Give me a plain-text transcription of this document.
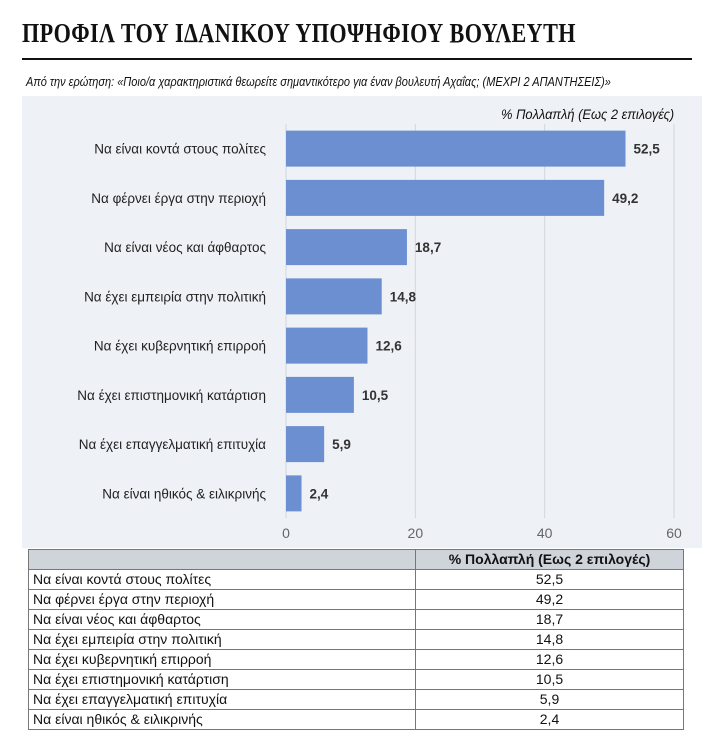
ΠΡΟΦΙΛ ΤΟΥ ΙΔΑΝΙΚΟΥ ΥΠΟΨΗΦΙΟΥ ΒΟΥΛΕΥΤΗ
Από την ερώτηση: «Ποιο/α χαρακτηριστικά θεωρείτε σημαντικότερο για έναν βουλευτή Αχαΐας; (ΜΕΧΡΙ 2 ΑΠΑΝΤΗΣΕΙΣ)»
0	20	40	60
Να είναι κοντά στους πολίτες	52,5
Να φέρνει έργα στην περιοχή	49,2
Να είναι νέος και άφθαρτος	18,7
Να έχει εμπειρία στην πολιτική	14,8
Να έχει κυβερνητική επιρροή	12,6
Να έχει επιστημονική κατάρτιση	10,5
Να έχει επαγγελματική επιτυχία	5,9
Να είναι ηθικός & ειλικρινής	2,4
% Πολλαπλή (Εως 2 επιλογές)
	% Πολλαπλή (Εως 2 επιλογές)
Να είναι κοντά στους πολίτες	52,5
Να φέρνει έργα στην περιοχή	49,2
Να είναι νέος και άφθαρτος	18,7
Να έχει εμπειρία στην πολιτική	14,8
Να έχει κυβερνητική επιρροή	12,6
Να έχει επιστημονική κατάρτιση	10,5
Να έχει επαγγελματική επιτυχία	5,9
Να είναι ηθικός & ειλικρινής	2,4
